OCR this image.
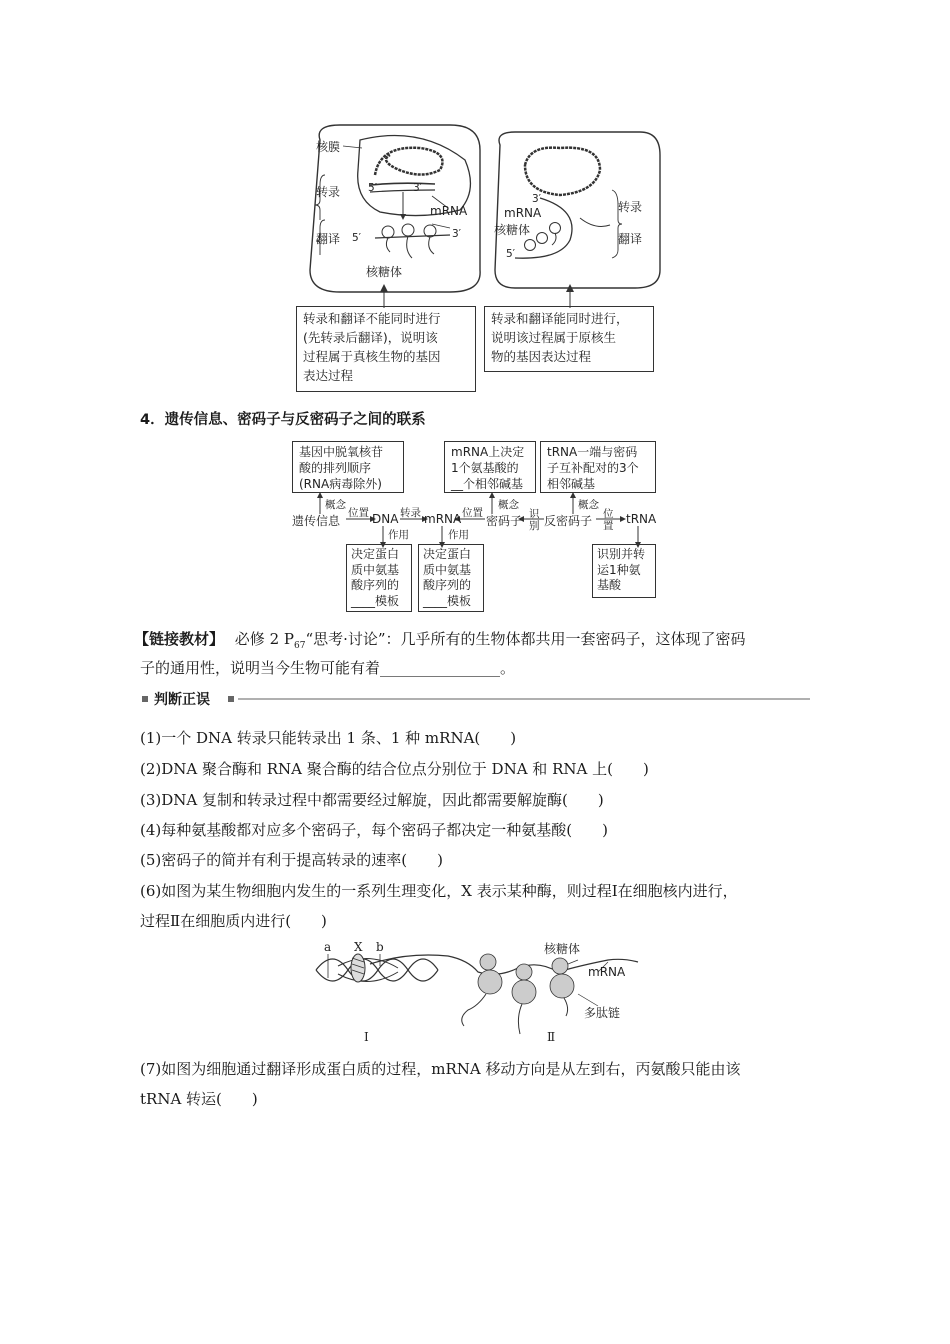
核膜
转录
翻译
5′	3′
mRNA
5′	3′
核糖体
3′
mRNA
核糖体
5′
转录
翻译
转录和翻译不能同时进行
(先转录后翻译)，说明该
过程属于真核生物的基因
表达过程
转录和翻译能同时进行，
说明该过程属于原核生
物的基因表达过程
4．遗传信息、密码子与反密码子之间的联系
基因中脱氧核苷
酸的排列顺序
(RNA病毒除外)
mRNA上决定
1个氨基酸的
__个相邻碱基
tRNA一端与密码
子互补配对的3个
相邻碱基
概念	概念	概念
位置	转录	位置	识别
位置
遗传信息	DNA mRNA 密码子 反密码子	tRNA
作用	作用
决定蛋白
质中氨基
酸序列的
____模板
决定蛋白
质中氨基
酸序列的
____模板
识别并转
运1种氨
基酸
【链接教材】 必修 2 $P_{67}“$思考·讨论”：几乎所有的生物体都共用一套密码子，这体现了密码
子的通用性，说明当今生物可能有着________________。
判断正误
(1)一个 DNA 转录只能转录出 1 条、1 种 mRNA(　　)
(2)DNA 聚合酶和 RNA 聚合酶的结合位点分别位于 DNA 和 RNA 上(　　)
(3)DNA 复制和转录过程中都需要经过解旋，因此都需要解旋酶(　　)
(4)每种氨基酸都对应多个密码子，每个密码子都决定一种氨基酸(　　)
(5)密码子的简并有利于提高转录的速率(　　)
(6)如图为某生物细胞内发生的一系列生理变化，X 表示某种酶，则过程Ⅰ在细胞核内进行，
过程Ⅱ在细胞质内进行(　　)
a X b	核糖体
mRNA
多肽链
Ⅰ	Ⅱ
(7)如图为细胞通过翻译形成蛋白质的过程，mRNA 移动方向是从左到右，丙氨酸只能由该
tRNA 转运(　　)
